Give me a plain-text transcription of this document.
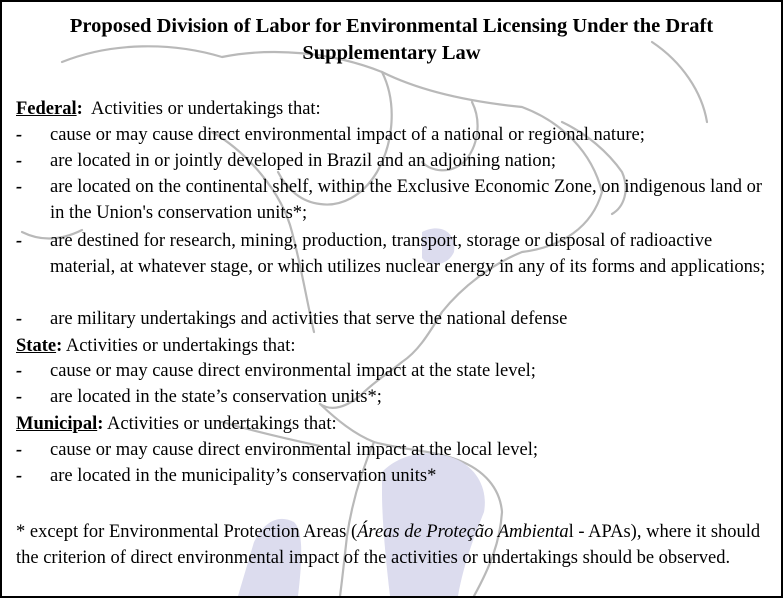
Proposed Division of Labor for Environmental Licensing Under the Draft Supplementary Law
Federal: Activities or undertakings that:
-	cause or may cause direct environmental impact of a national or regional nature;
-	are located in or jointly developed in Brazil and an adjoining nation;
-	are located on the continental shelf, within the Exclusive Economic Zone, on indigenous land or in the Union's conservation units*;
-	are destined for research, mining, production, transport, storage or disposal of radioactive material, at whatever stage, or which utilizes nuclear energy in any of its forms and applications;
-	are military undertakings and activities that serve the national defense
State: Activities or undertakings that:
-	cause or may cause direct environmental impact at the state level;
-	are located in the state’s conservation units*;
Municipal: Activities or undertakings that:
-	cause or may cause direct environmental impact at the local level;
-	are located in the municipality’s conservation units*
* except for Environmental Protection Areas (Áreas de Proteção Ambiental - APAs), where it should the criterion of direct environmental impact of the activities or undertakings should be observed.
